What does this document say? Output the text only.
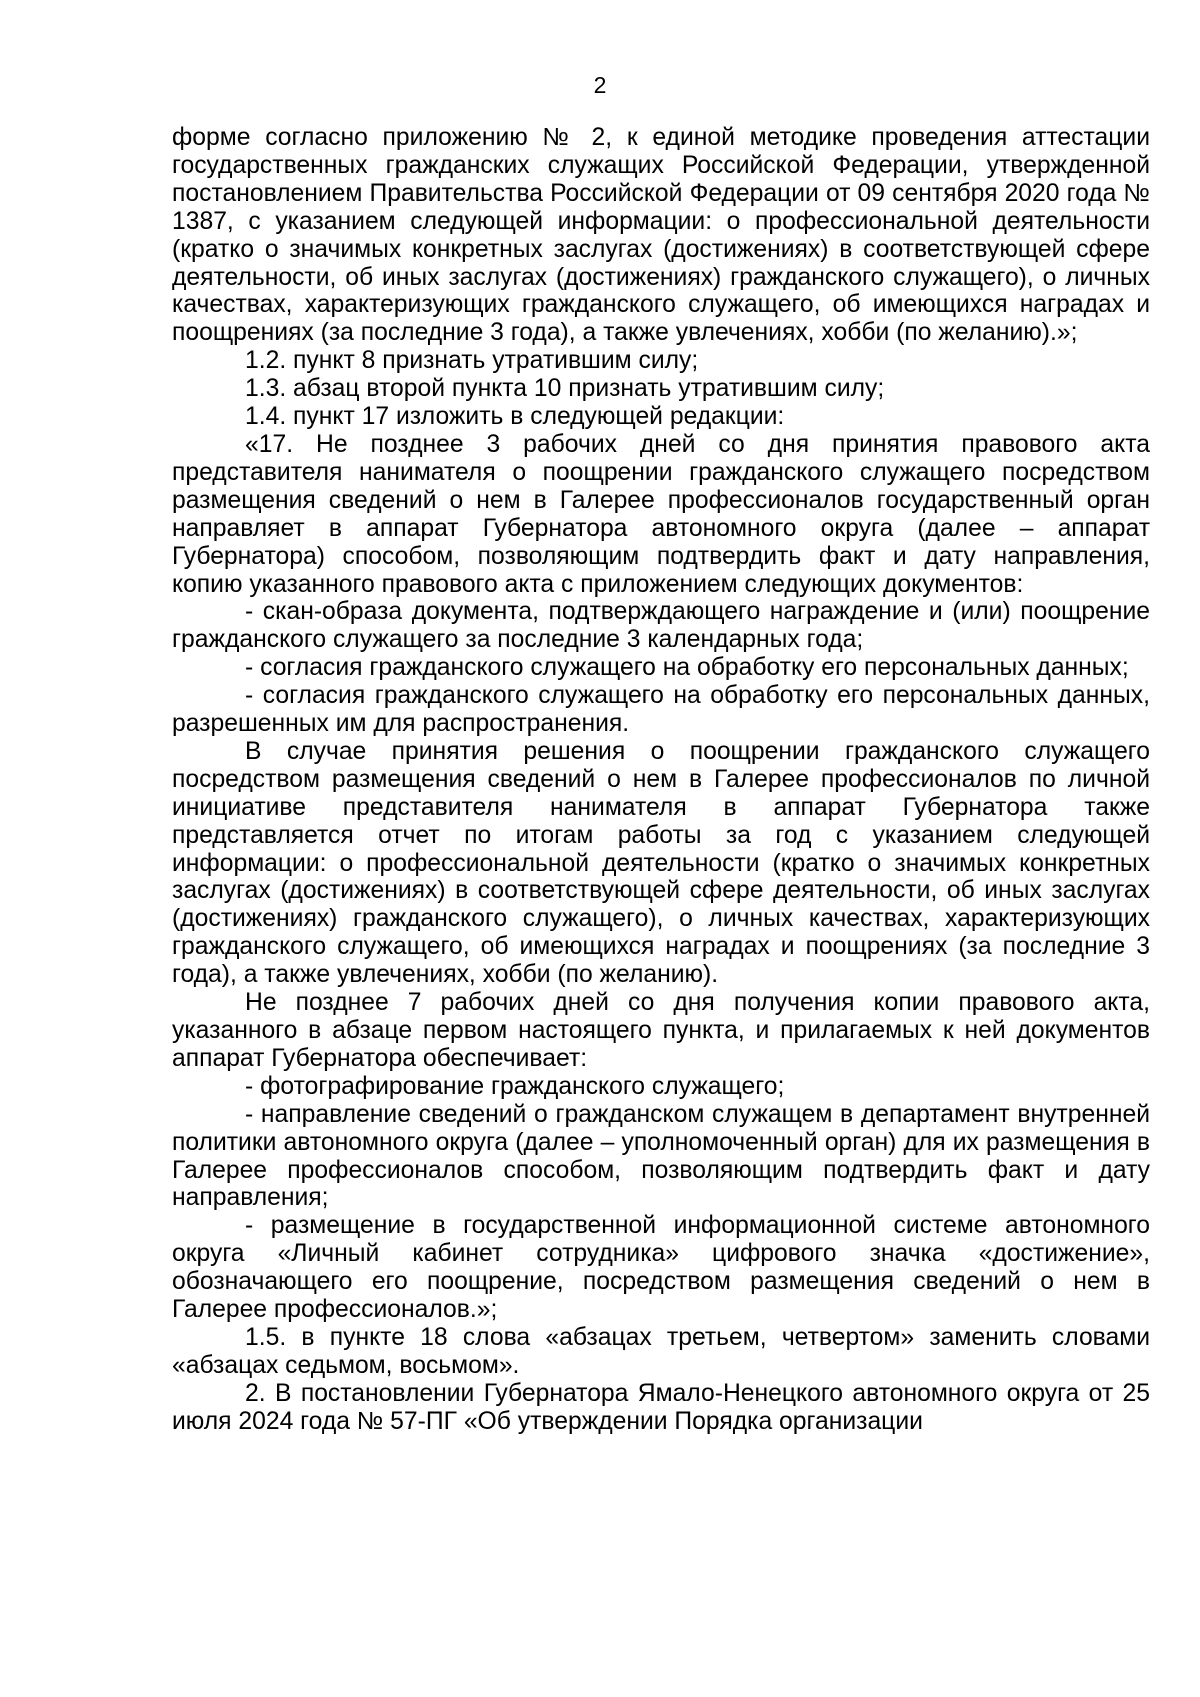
2

форме согласно приложению № 2, к единой методике проведения аттестации государственных гражданских служащих Российской Федерации, утвержденной постановлением Правительства Российской Федерации от 09 сентября 2020 года № 1387, с указанием следующей информации: о профессиональной деятельности (кратко о значимых конкретных заслугах (достижениях) в соответствующей сфере деятельности, об иных заслугах (достижениях) гражданского служащего), о личных качествах, характеризующих гражданского служащего, об имеющихся наградах и поощрениях (за последние 3 года), а также увлечениях, хобби (по желанию).»;

1.2. пункт 8 признать утратившим силу;

1.3. абзац второй пункта 10 признать утратившим силу;

1.4. пункт 17 изложить в следующей редакции:

«17. Не позднее 3 рабочих дней со дня принятия правового акта представителя нанимателя о поощрении гражданского служащего посредством размещения сведений о нем в Галерее профессионалов государственный орган направляет в аппарат Губернатора автономного округа (далее – аппарат Губернатора) способом, позволяющим подтвердить факт и дату направления, копию указанного правового акта с приложением следующих документов:

- скан-образа документа, подтверждающего награждение и (или) поощрение гражданского служащего за последние 3 календарных года;

- согласия гражданского служащего на обработку его персональных данных;

- согласия гражданского служащего на обработку его персональных данных, разрешенных им для распространения.

В случае принятия решения о поощрении гражданского служащего посредством размещения сведений о нем в Галерее профессионалов по личной инициативе представителя нанимателя в аппарат Губернатора также представляется отчет по итогам работы за год с указанием следующей информации: о профессиональной деятельности (кратко о значимых конкретных заслугах (достижениях) в соответствующей сфере деятельности, об иных заслугах (достижениях) гражданского служащего), о личных качествах, характеризующих гражданского служащего, об имеющихся наградах и поощрениях (за последние 3 года), а также увлечениях, хобби (по желанию).

Не позднее 7 рабочих дней со дня получения копии правового акта, указанного в абзаце первом настоящего пункта, и прилагаемых к ней документов аппарат Губернатора обеспечивает:

- фотографирование гражданского служащего;

- направление сведений о гражданском служащем в департамент внутренней политики автономного округа (далее – уполномоченный орган) для их размещения в Галерее профессионалов способом, позволяющим подтвердить факт и дату направления;

- размещение в государственной информационной системе автономного округа «Личный кабинет сотрудника» цифрового значка «достижение», обозначающего его поощрение, посредством размещения сведений о нем в Галерее профессионалов.»;

1.5. в пункте 18 слова «абзацах третьем, четвертом» заменить словами «абзацах седьмом, восьмом».

2. В постановлении Губернатора Ямало-Ненецкого автономного округа от 25 июля 2024 года № 57-ПГ «Об утверждении Порядка организации
